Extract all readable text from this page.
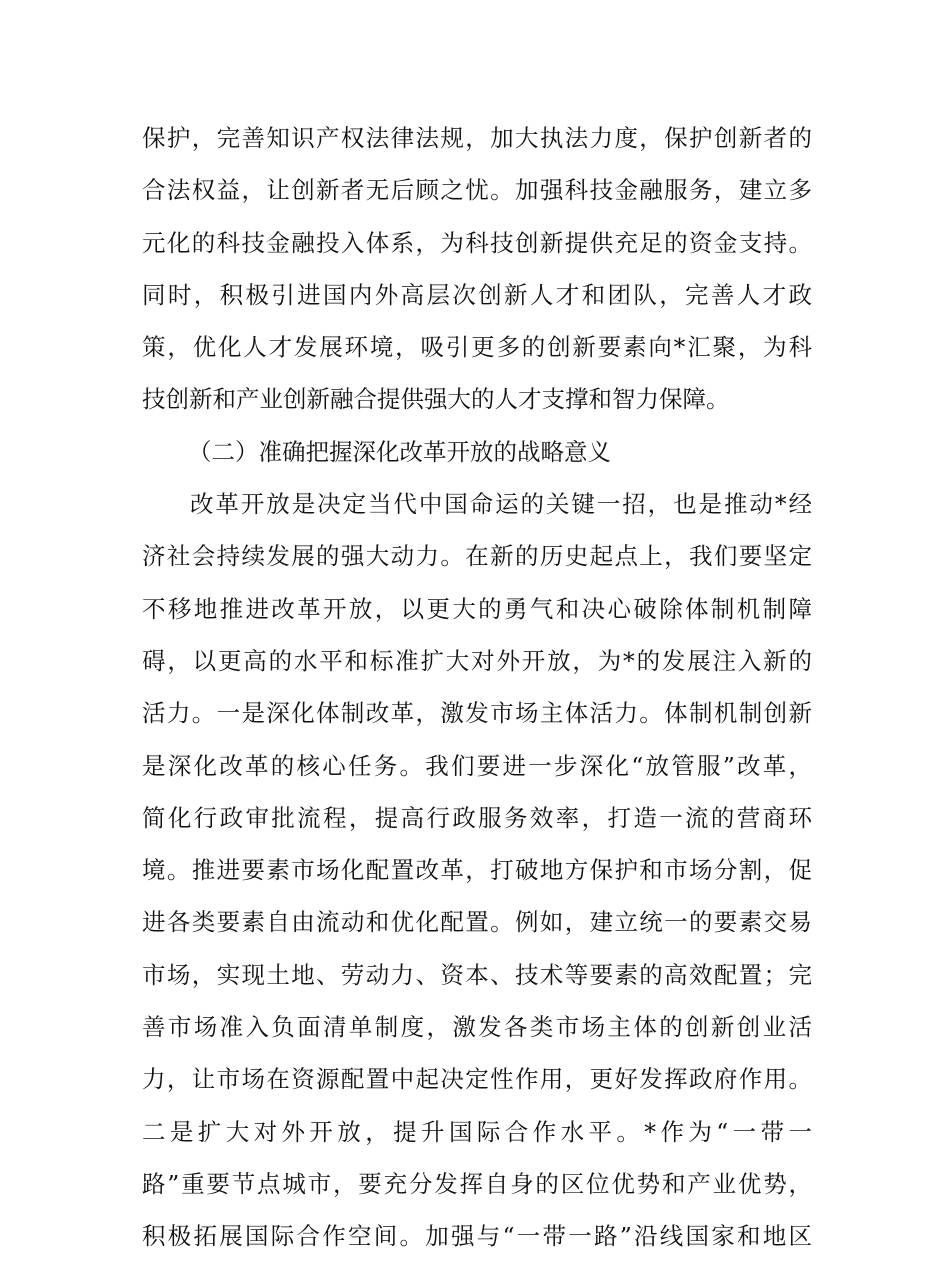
保护，完善知识产权法律法规，加大执法力度，保护创新者的
合法权益，让创新者无后顾之忧。加强科技金融服务，建立多
元化的科技金融投入体系，为科技创新提供充足的资金支持。
同时，积极引进国内外高层次创新人才和团队，完善人才政
策，优化人才发展环境，吸引更多的创新要素向*汇聚，为科
技创新和产业创新融合提供强大的人才支撑和智力保障。
（二）准确把握深化改革开放的战略意义
改革开放是决定当代中国命运的关键一招，也是推动*经
济社会持续发展的强大动力。在新的历史起点上，我们要坚定
不移地推进改革开放，以更大的勇气和决心破除体制机制障
碍，以更高的水平和标准扩大对外开放，为*的发展注入新的
活力。一是深化体制改革，激发市场主体活力。体制机制创新
是深化改革的核心任务。我们要进一步深化“放管服”改革，
简化行政审批流程，提高行政服务效率，打造一流的营商环
境。推进要素市场化配置改革，打破地方保护和市场分割，促
进各类要素自由流动和优化配置。例如，建立统一的要素交易
市场，实现土地、劳动力、资本、技术等要素的高效配置；完
善市场准入负面清单制度，激发各类市场主体的创新创业活
力，让市场在资源配置中起决定性作用，更好发挥政府作用。
二是扩大对外开放，提升国际合作水平。*作为“一带一
路”重要节点城市，要充分发挥自身的区位优势和产业优势，
积极拓展国际合作空间。加强与“一带一路”沿线国家和地区
